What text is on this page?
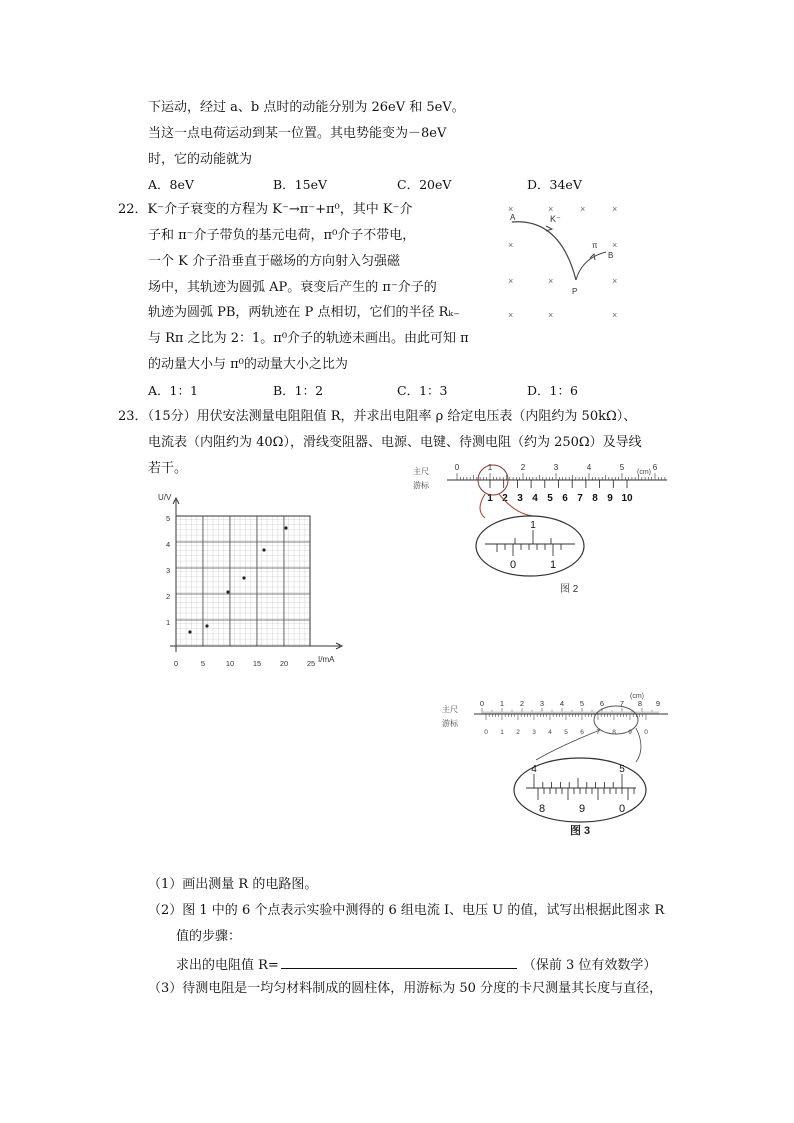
下运动，经过 a、b 点时的动能分别为 26eV 和 5eV。
当这一点电荷运动到某一位置。其电势能变为－8eV
时，它的动能就为
A．8eV	B．15eV	C．20eV	D．34eV
22．K⁻介子衰变的方程为 K⁻→π⁻+π⁰，其中 K⁻介
子和 π⁻介子带负的基元电荷，π⁰介子不带电，
一个 K 介子沿垂直于磁场的方向射入匀强磁
场中，其轨迹为圆弧 AP。衰变后产生的 π⁻介子的
轨迹为圆弧 PB，两轨迹在 P 点相切，它们的半径 Rₖ₋
与 Rπ 之比为 2：1。π⁰介子的轨迹未画出。由此可知 π
的动量大小与 π⁰的动量大小之比为
A．1：1	B．1：2	C．1：3	D．1：6
×	×	×	×
×	×
×	×	×
×	×	×
A	K⁻
P
π
B
23．（15分）用伏安法测量电阻阻值 R，并求出电阻率 ρ 给定电压表（内阻约为 50kΩ）、
电流表（内阻约为 40Ω），滑线变阻器、电源、电键、待测电阻（约为 250Ω）及导线
若干。
U/V
I/mA
1
2
3
4
5
0	5	10 15 20 25
主尺
游标
(cm)
0	1	2	3	4	5	6
1 2 3 4 5 6 7 8 9 10
1
0	1
图 2
主尺
游标
(cm)
0 1 2 3 4 5 6 7 8 9
0 1 2 3 4 5 6 7 8 9 0
4	5
8	9	0
图 3
（1）画出测量 R 的电路图。
（2）图 1 中的 6 个点表示实验中测得的 6 组电流 I、电压 U 的值，试写出根据此图求 R
值的步骤：
求出的电阻值 R=	（保前 3 位有效数学）
（3）待测电阻是一均匀材料制成的圆柱体，用游标为 50 分度的卡尺测量其长度与直径，
